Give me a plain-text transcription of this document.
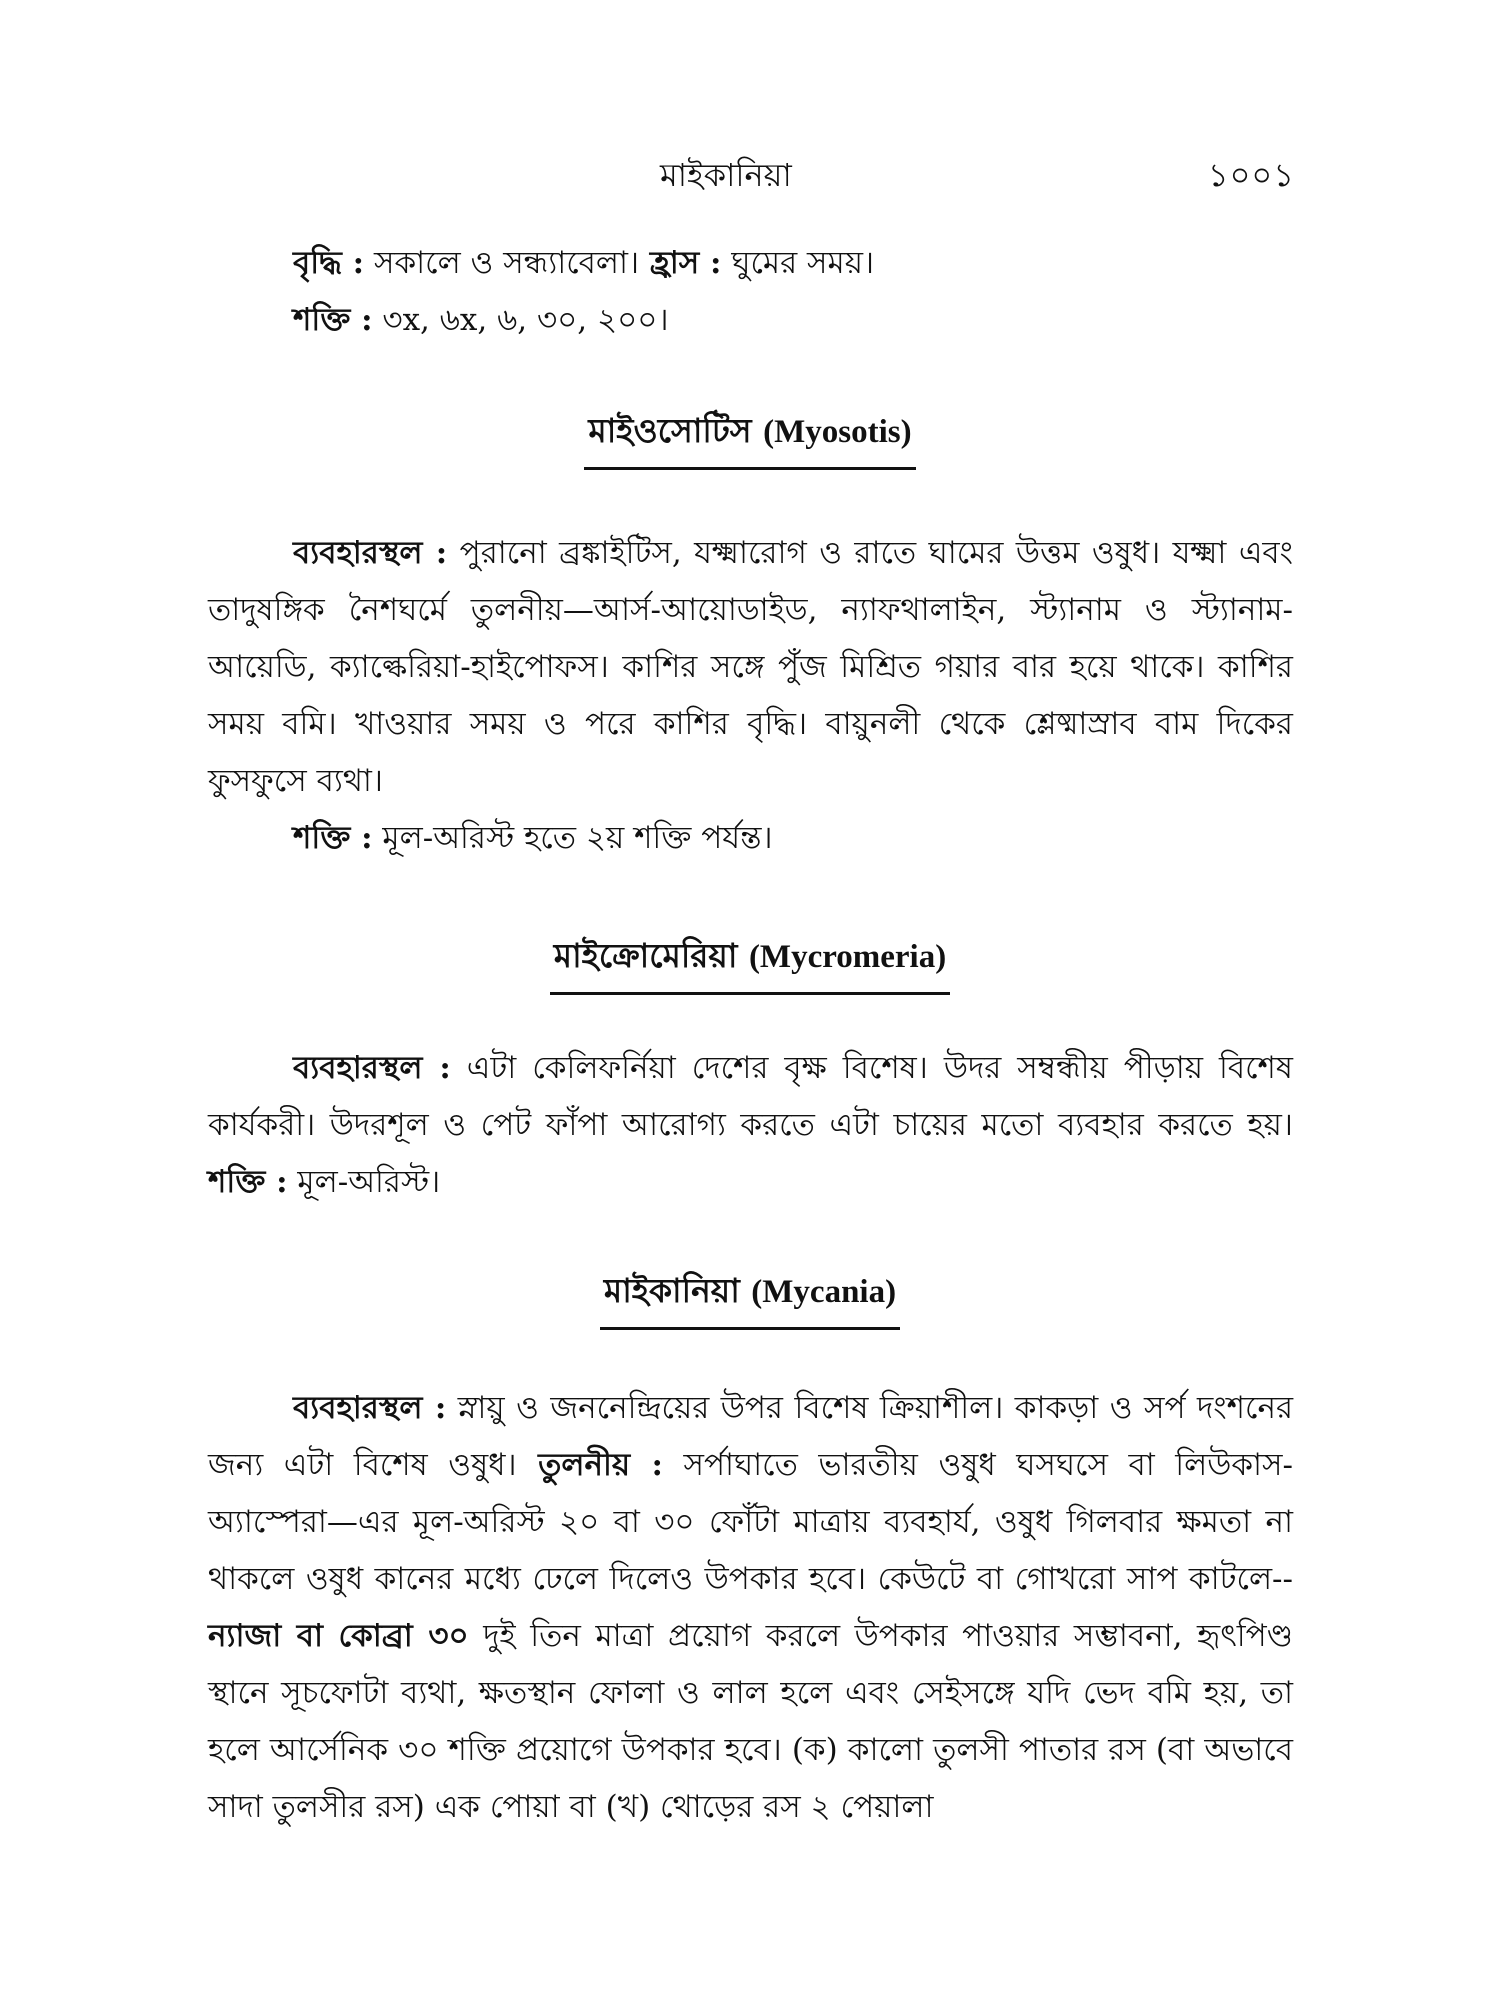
মাইকানিয়া	১০০১

বৃদ্ধি : সকালে ও সন্ধ্যাবেলা। হ্রাস : ঘুমের সময়।

শক্তি : ৩x, ৬x, ৬, ৩০, ২০০।

মাইওসোটিস (Myosotis)

ব্যবহারস্থল : পুরানো ব্রঙ্কাইটিস, যক্ষ্মারোগ ও রাতে ঘামের উত্তম ওষুধ। যক্ষ্মা এবং তাদুষঙ্গিক নৈশঘর্মে তুলনীয়—আর্স-আয়োডাইড, ন্যাফথালাইন, স্ট্যানাম ও স্ট্যানাম-আয়েডি, ক্যাল্কেরিয়া-হাইপোফস। কাশির সঙ্গে পুঁজ মিশ্রিত গয়ার বার হয়ে থাকে। কাশির সময় বমি। খাওয়ার সময় ও পরে কাশির বৃদ্ধি। বায়ুনলী থেকে শ্লেষ্মাস্রাব বাম দিকের ফুসফুসে ব্যথা।

শক্তি : মূল-অরিস্ট হতে ২য় শক্তি পর্যন্ত।

মাইক্রোমেরিয়া (Mycromeria)

ব্যবহারস্থল : এটা কেলিফর্নিয়া দেশের বৃক্ষ বিশেষ। উদর সম্বন্ধীয় পীড়ায় বিশেষ কার্যকরী। উদরশূল ও পেট ফাঁপা আরোগ্য করতে এটা চায়ের মতো ব্যবহার করতে হয়। শক্তি : মূল-অরিস্ট।

মাইকানিয়া (Mycania)

ব্যবহারস্থল : স্নায়ু ও জননেন্দ্রিয়ের উপর বিশেষ ক্রিয়াশীল। কাকড়া ও সর্প দংশনের জন্য এটা বিশেষ ওষুধ। তুলনীয় : সর্পাঘাতে ভারতীয় ওষুধ ঘসঘসে বা লিউকাস-অ্যাস্পেরা—এর মূল-অরিস্ট ২০ বা ৩০ ফোঁটা মাত্রায় ব্যবহার্য, ওষুধ গিলবার ক্ষমতা না থাকলে ওষুধ কানের মধ্যে ঢেলে দিলেও উপকার হবে। কেউটে বা গোখরো সাপ কাটলে--ন্যাজা বা কোব্রা ৩০ দুই তিন মাত্রা প্রয়োগ করলে উপকার পাওয়ার সম্ভাবনা, হৃৎপিণ্ড স্থানে সূচফোটা ব্যথা, ক্ষতস্থান ফোলা ও লাল হলে এবং সেইসঙ্গে যদি ভেদ বমি হয়, তা হলে আর্সেনিক ৩০ শক্তি প্রয়োগে উপকার হবে। (ক) কালো তুলসী পাতার রস (বা অভাবে সাদা তুলসীর রস) এক পোয়া বা (খ) থোড়ের রস ২ পেয়ালা
